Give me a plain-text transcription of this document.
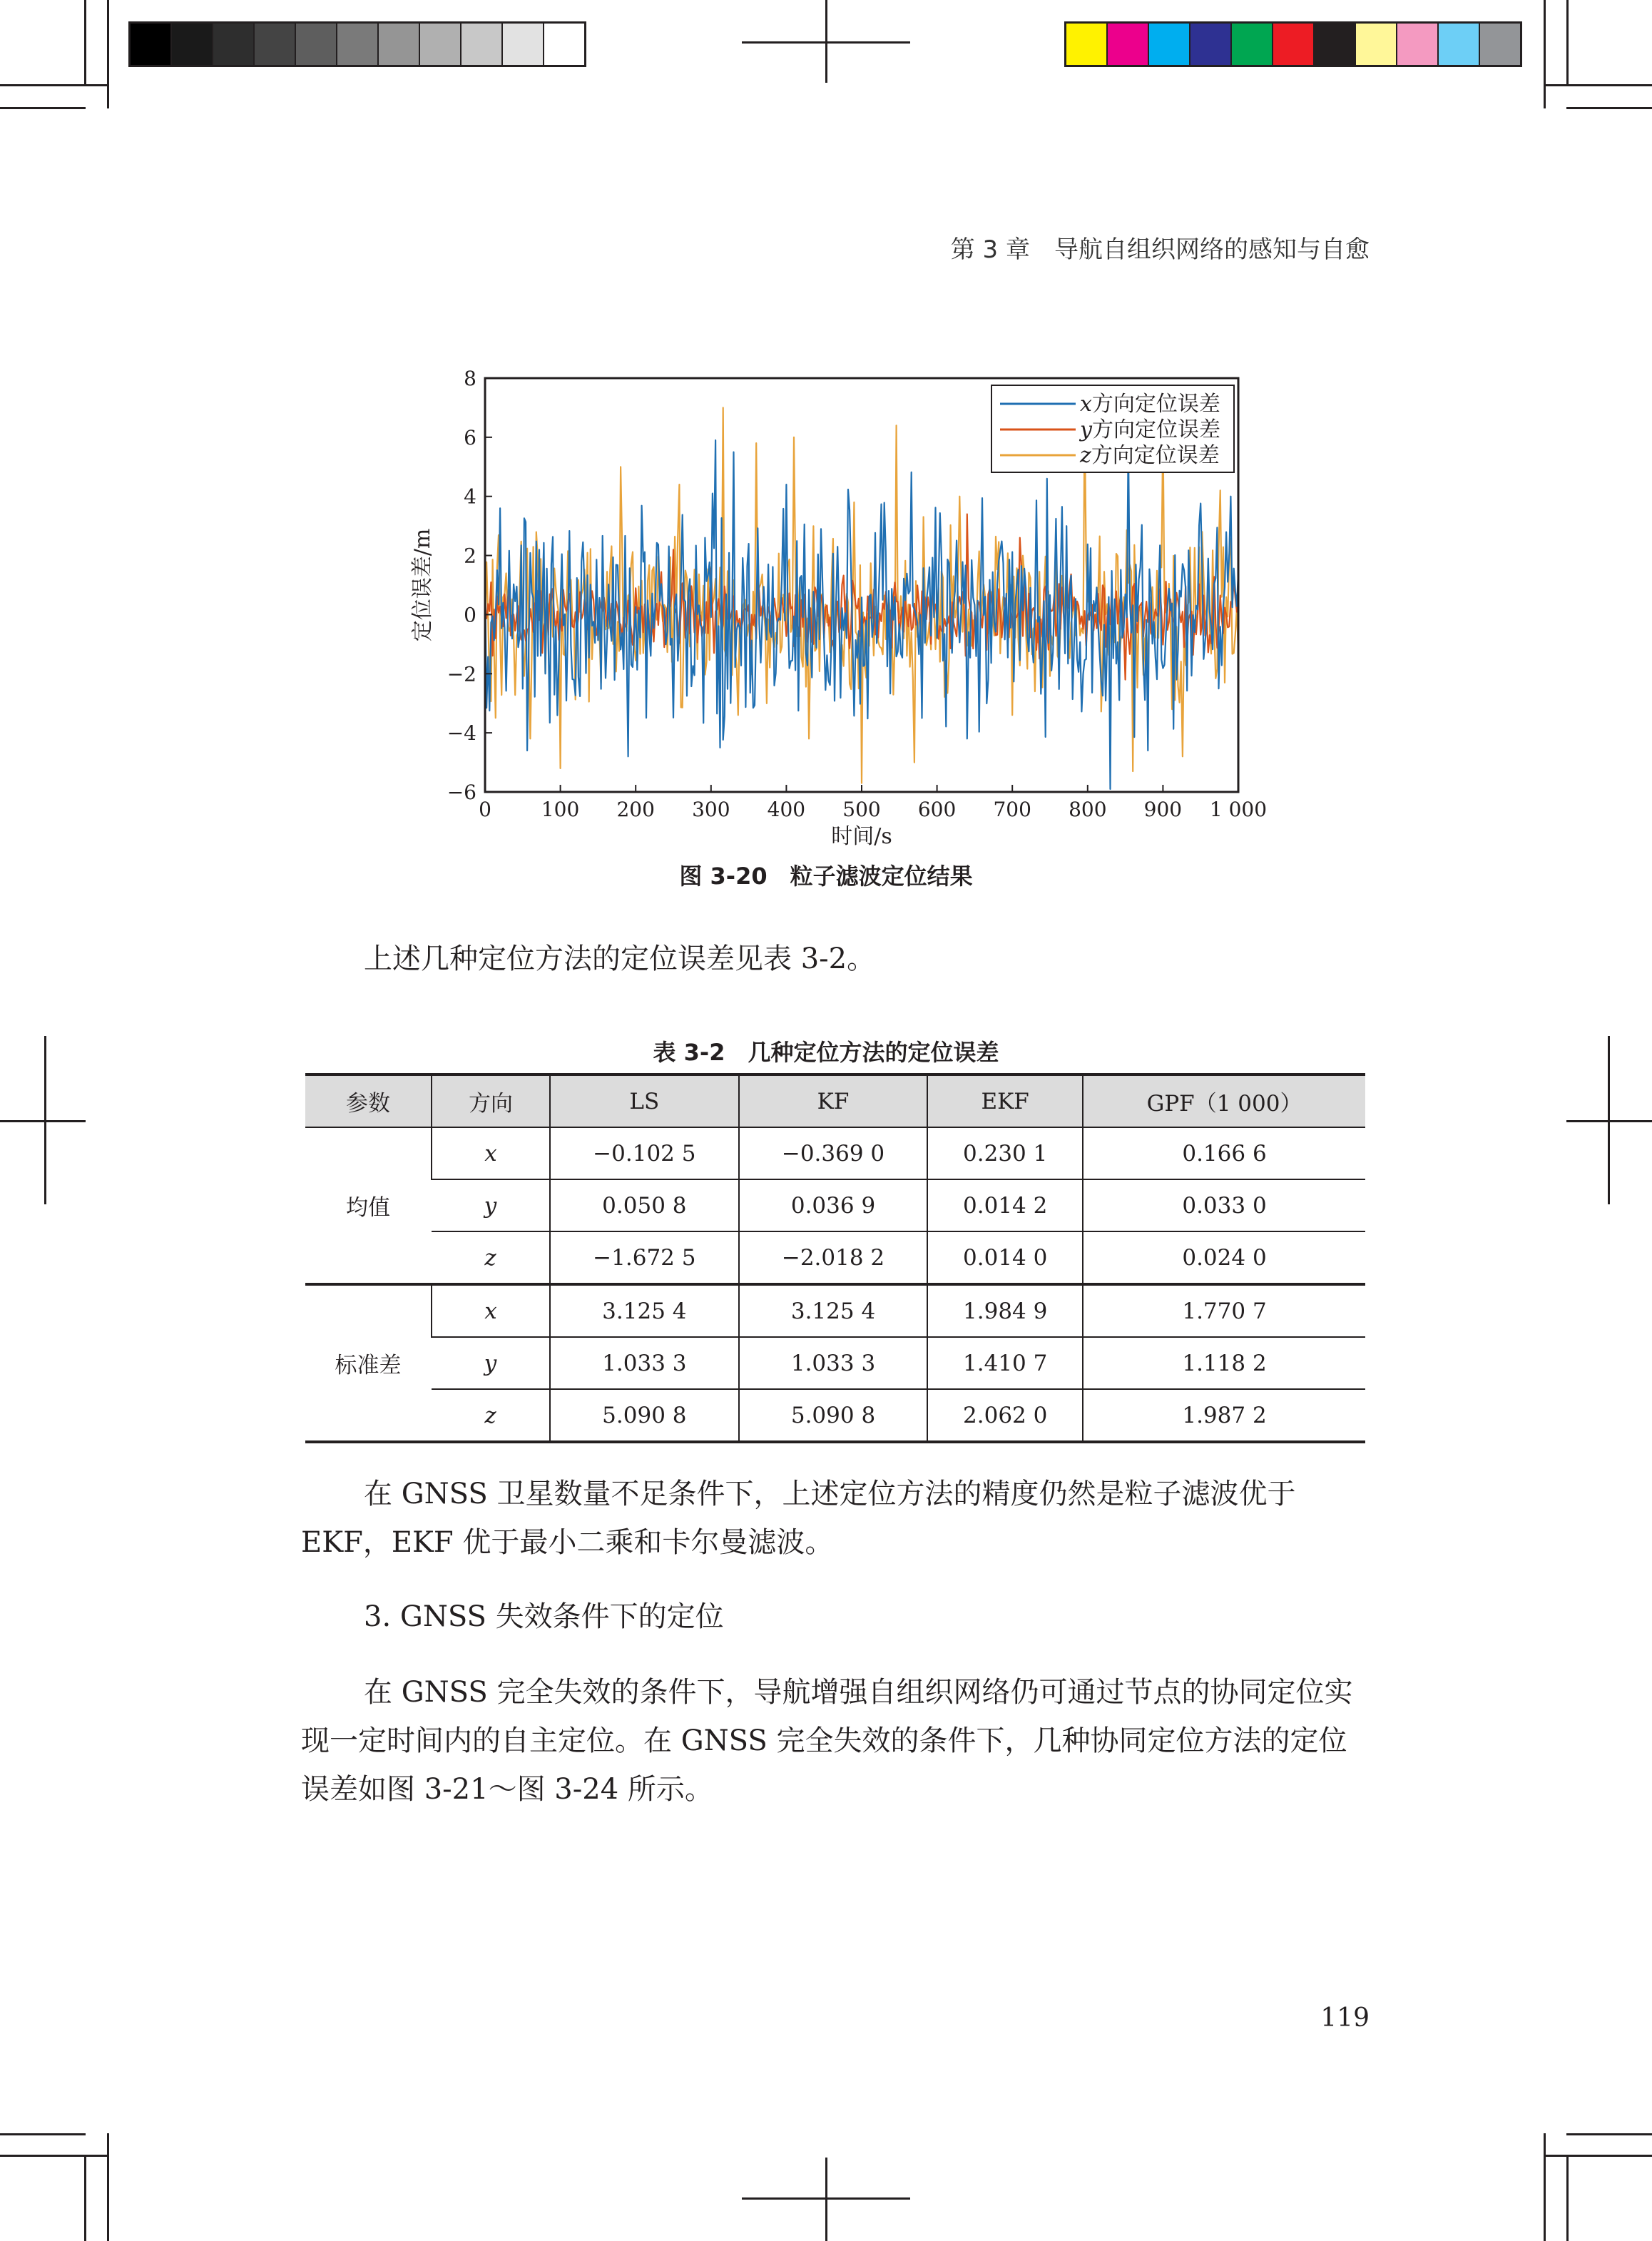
第 3 章　导航自组织网络的感知与自愈
0 100 200 300 400 500 600 700 800 900 1 000
−6
−4
−2
0
2
4
6
8
时间/s
定位误差/m
x方向定位误差
y方向定位误差
z方向定位误差
图 3-20　粒子滤波定位结果

上述几种定位方法的定位误差见表 3-2。

表 3-2　几种定位方法的定位误差
参数	方向	LS	KF	EKF	GPF（1 000）
均值	x	−0.102 5	−0.369 0	0.230 1	0.166 6
	y	0.050 8	0.036 9	0.014 2	0.033 0
	z	−1.672 5	−2.018 2	0.014 0	0.024 0
标准差	x	3.125 4	3.125 4	1.984 9	1.770 7
	y	1.033 3	1.033 3	1.410 7	1.118 2
	z	5.090 8	5.090 8	2.062 0	1.987 2

在 GNSS 卫星数量不足条件下，上述定位方法的精度仍然是粒子滤波优于 EKF，EKF 优于最小二乘和卡尔曼滤波。

3. GNSS 失效条件下的定位

在 GNSS 完全失效的条件下，导航增强自组织网络仍可通过节点的协同定位实现一定时间内的自主定位。在 GNSS 完全失效的条件下，几种协同定位方法的定位误差如图 3-21～图 3-24 所示。

119
